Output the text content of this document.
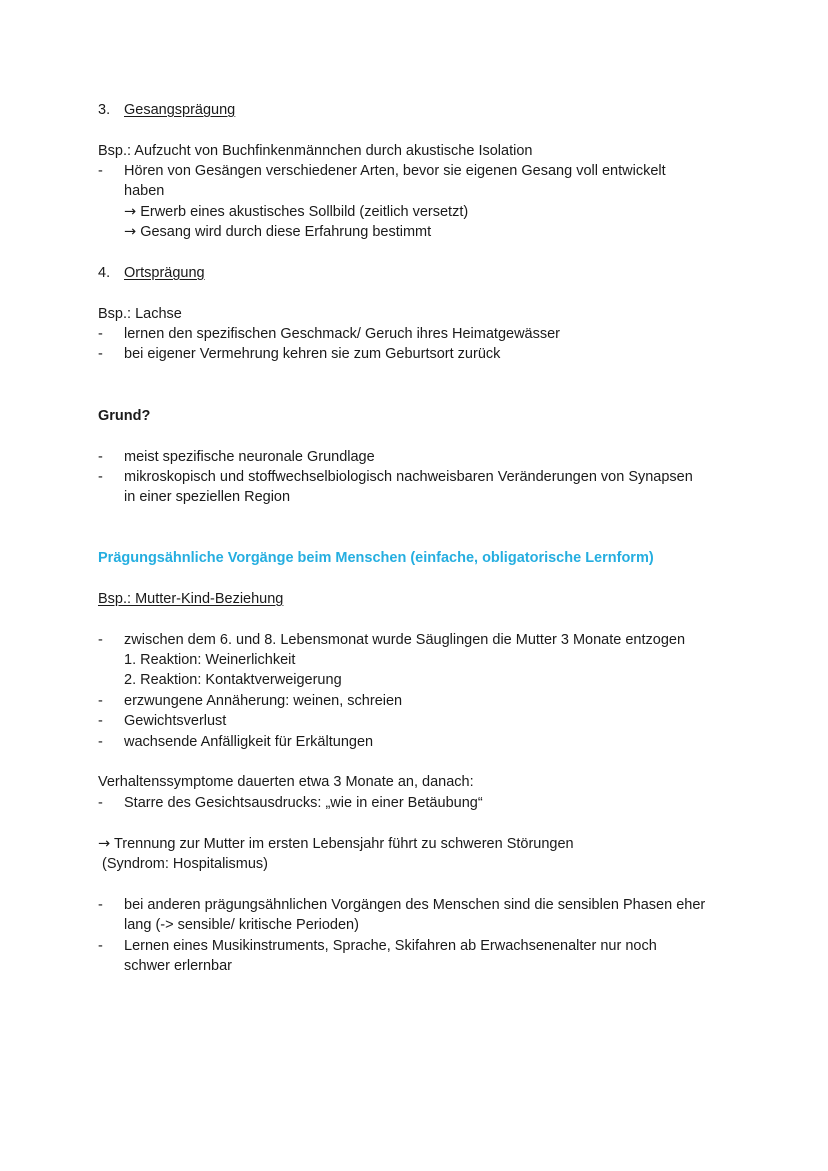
3. Gesangsprägung
Bsp.: Aufzucht von Buchfinkenmännchen durch akustische Isolation
- Hören von Gesängen verschiedener Arten, bevor sie eigenen Gesang voll entwickelt
haben
→ Erwerb eines akustisches Sollbild (zeitlich versetzt)
→ Gesang wird durch diese Erfahrung bestimmt
4. Ortsprägung
Bsp.: Lachse
- lernen den spezifischen Geschmack/ Geruch ihres Heimatgewässer
- bei eigener Vermehrung kehren sie zum Geburtsort zurück
Grund?
- meist spezifische neuronale Grundlage
- mikroskopisch und stoffwechselbiologisch nachweisbaren Veränderungen von Synapsen
in einer speziellen Region
Prägungsähnliche Vorgänge beim Menschen (einfache, obligatorische Lernform)
Bsp.: Mutter-Kind-Beziehung
- zwischen dem 6. und 8. Lebensmonat wurde Säuglingen die Mutter 3 Monate entzogen
1. Reaktion: Weinerlichkeit
2. Reaktion: Kontaktverweigerung
- erzwungene Annäherung: weinen, schreien
- Gewichtsverlust
- wachsende Anfälligkeit für Erkältungen
Verhaltenssymptome dauerten etwa 3 Monate an, danach:
- Starre des Gesichtsausdrucks: „wie in einer Betäubung“
→ Trennung zur Mutter im ersten Lebensjahr führt zu schweren Störungen
(Syndrom: Hospitalismus)
- bei anderen prägungsähnlichen Vorgängen des Menschen sind die sensiblen Phasen eher
lang (-> sensible/ kritische Perioden)
- Lernen eines Musikinstruments, Sprache, Skifahren ab Erwachsenenalter nur noch
schwer erlernbar
